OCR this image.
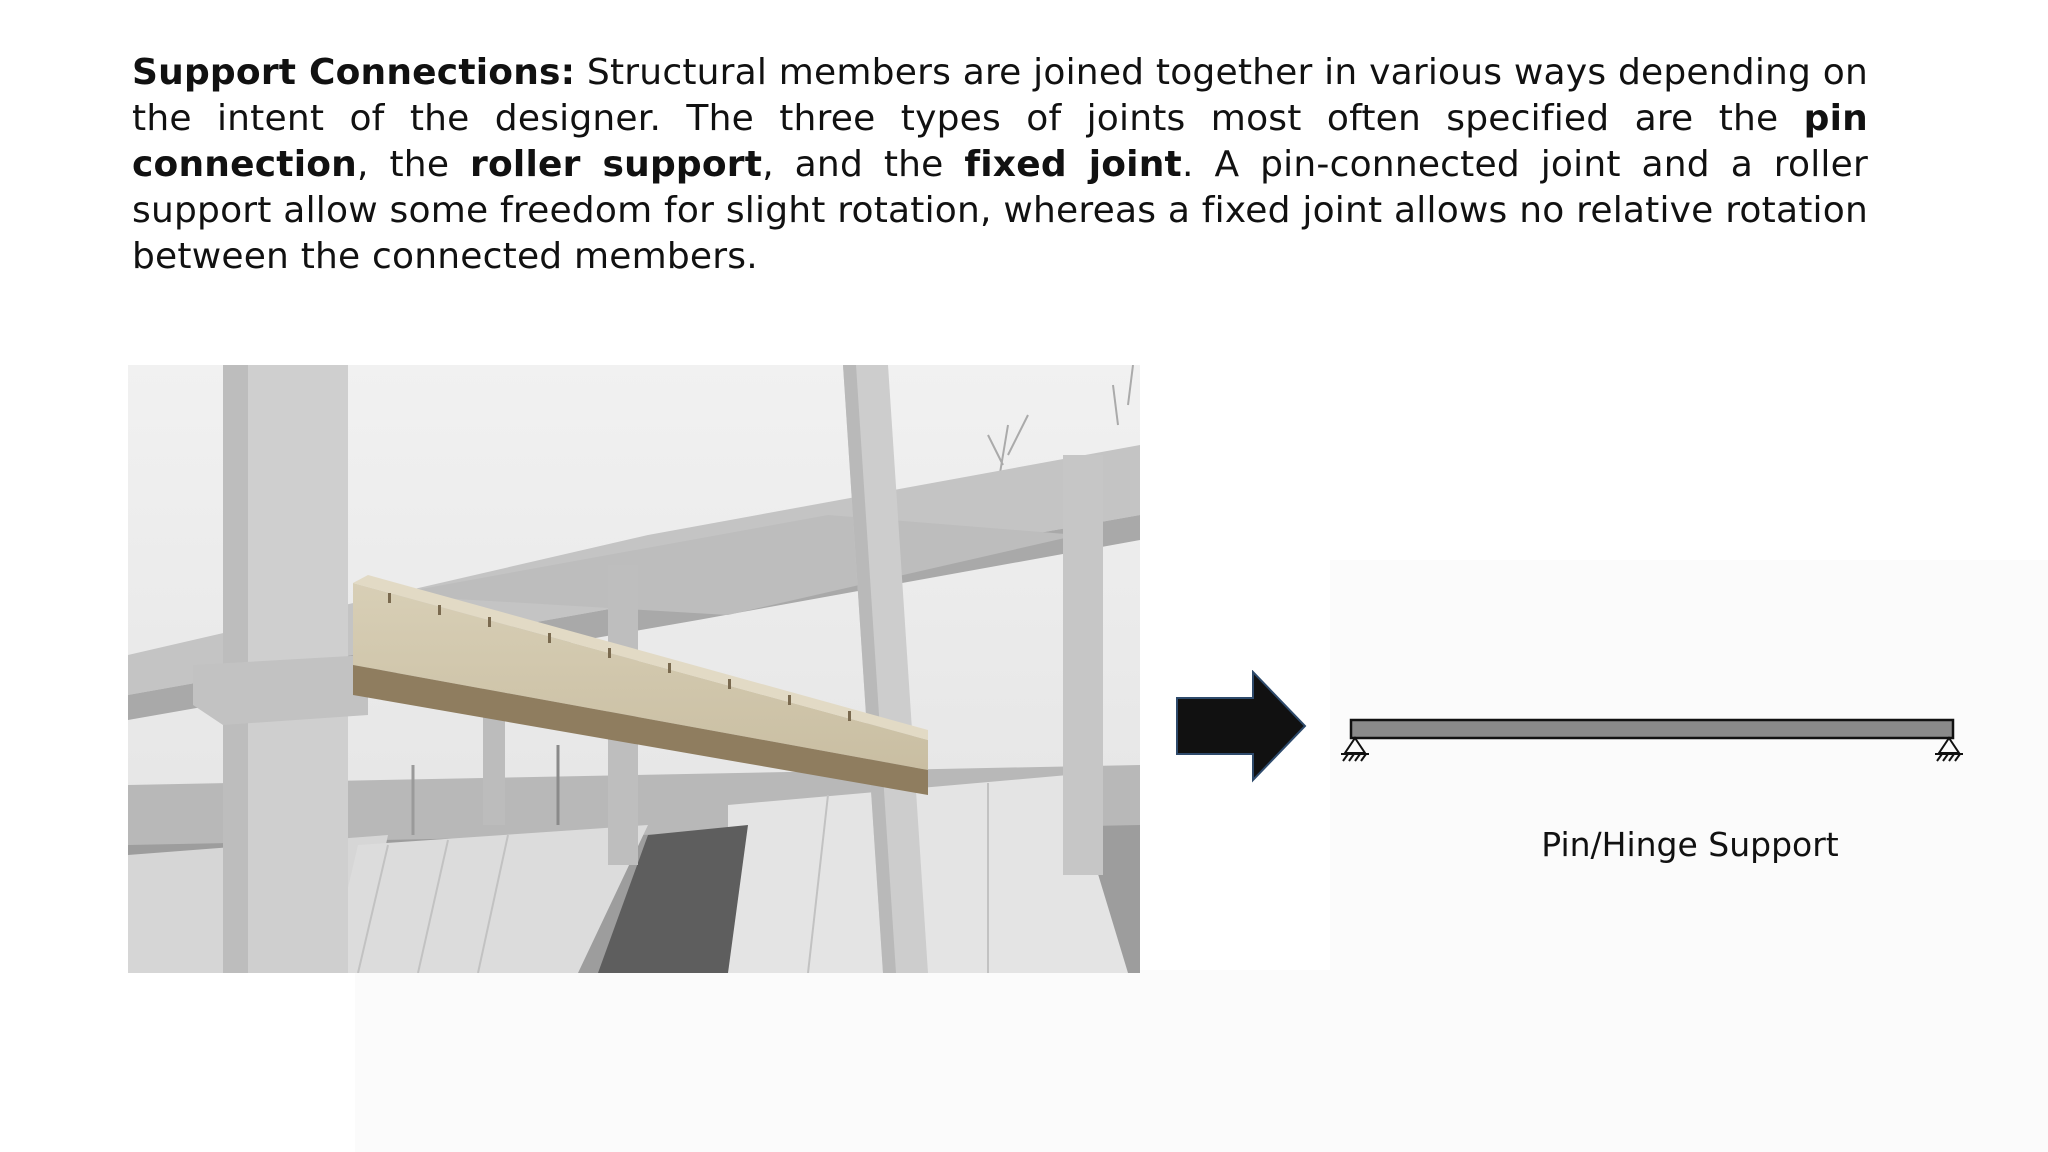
Support Connections: Structural members are joined together in various ways depending on the intent of the designer. The three types of joints most often specified are the pin connection, the roller support, and the fixed joint. A pin-connected joint and a roller support allow some freedom for slight rotation, whereas a fixed joint allows no relative rotation between the connected members.

Pin/Hinge Support
